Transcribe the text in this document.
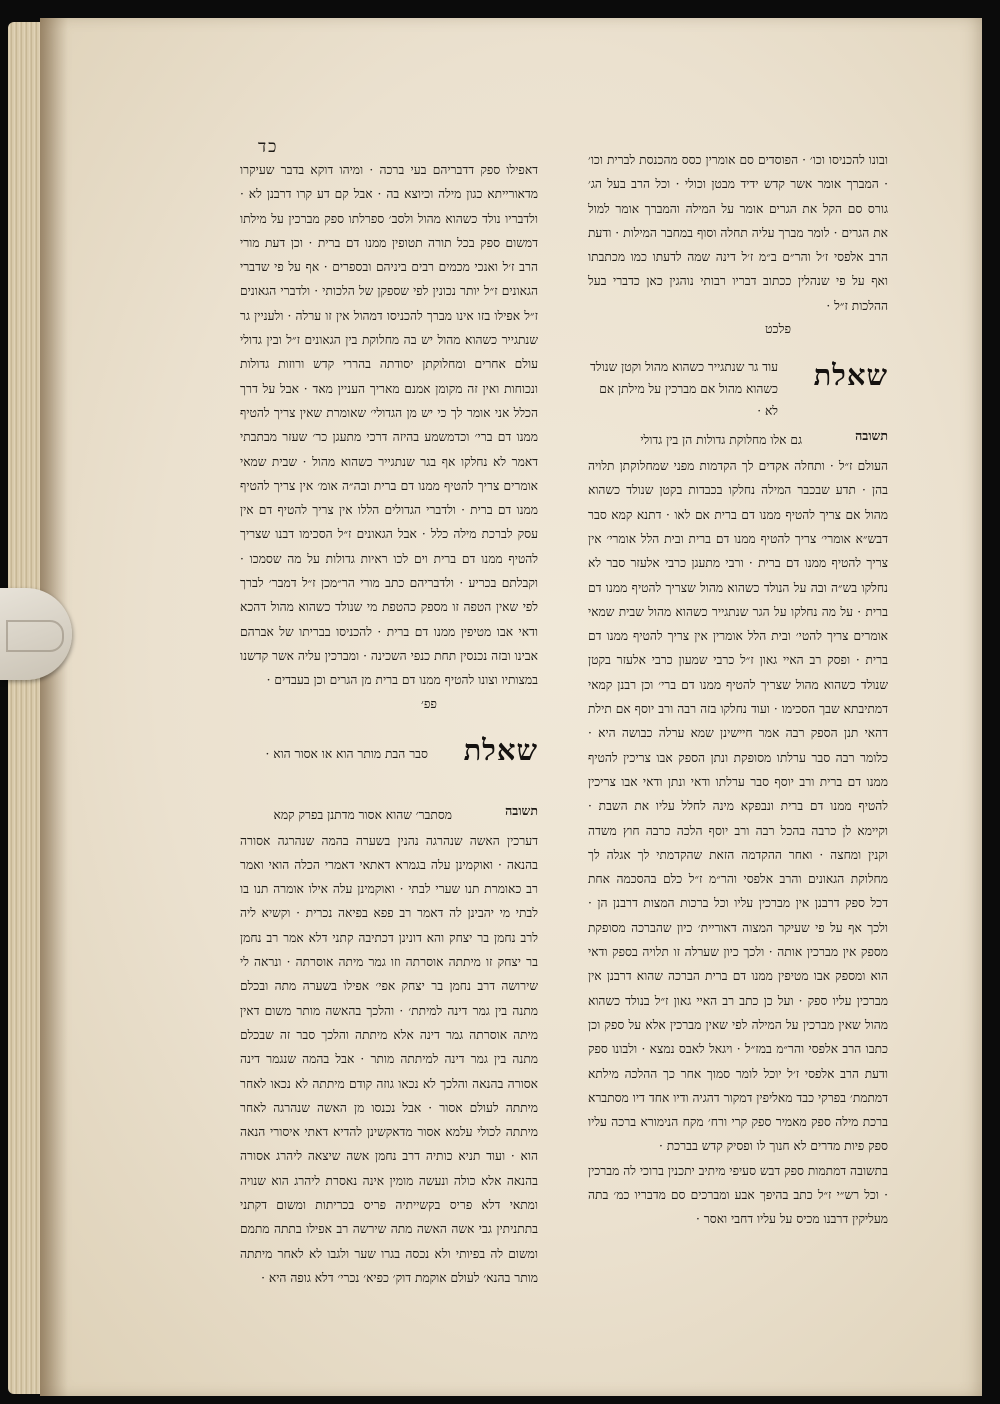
כד
ובונו להכניסו וכו׳ · הפוסדים סם אומרין כסס מהכנסת לברית וכו׳ · המברך אומר אשר קדש ידיד מבטן וכולי · וכל הרב בעל הג׳ גורס סם הקל את הגרים אומר על המילה והמברך אומר למול את הגרים · לומר מברך עליה תחלה וסוף במחבר המילות · ודעת הרב אלפסי ז׳ל והר״ם ב״מ ז׳ל דינה שמה לדעתו כמו מכתבתו ואף על פי שנהלין ככתוב דבריו רבותי נוהגין כאן כדברי בעל ההלכות ז״ל ·
פלכט
שאלת
עוד גר שנתגייר כשהוא מהול וקטן שנולד כשהוא מהול אם מברכין על מילתן אם לא ·
תשובה
גם אלו מחלוקת גדולות הן בין גדולי
העולם ז״ל · ותחלה אקדים לך הקדמות מפני שמחלוקתן תלויה בהן · תדע שבכבר המילה נחלקו בכבדות בקטן שנולד כשהוא מהול אם צריך להטיף ממנו דם ברית אם לאו · דתנא קמא סבר דבש״א אומרי׳ צריך להטיף ממנו דם ברית ובית הלל אומרי׳ אין צריך להטיף ממנו דם ברית · ורבי מתעגן כרבי אלעזר סבר לא נחלקו בש״ה ובה על הנולד כשהוא מהול שצריך להטיף ממנו דם ברית · על מה נחלקו על הגר שנתגייר כשהוא מהול שבית שמאי אומרים צריך להטי׳ ובית הלל אומרין אין צריך להטיף ממנו דם ברית · ופסק רב האיי גאון ז״ל כרבי שמעון כרבי אלעזר בקטן שנולד כשהוא מהול שצריך להטיף ממנו דם ברי׳ וכן רבנן קמאי דמתיבתא שבך הסכימו · ועוד נחלקו בזה רבה ורב יוסף אם תילת דהאי תנן הספק רבה אמר חיישינן שמא ערלה כבושה היא · כלומר רבה סבר ערלתו מסופקת ונתן הספק אבו צריכין להטיף ממנו דם ברית ורב יוסף סבר ערלתו ודאי ונתן ודאי אבו צריכין להטיף ממנו דם ברית ונבפקא מינה לחלל עליו את השבת · וקיימא לן כרבה בהכל רבה ורב יוסף הלכה כרבה חוץ משדה וקנין ומחצה · ואחר ההקדמה הזאת שהקדמתי לך אגלה לך מחלוקת הגאונים והרב אלפסי והר״מ ז״ל כלם בהסכמה אחת דכל ספק דרבנן אין מברכין עליו וכל ברכות המצות דרבנן הן · ולכך אף על פי שעיקר המצוה דאוריית׳ כיון שהברכה מסופקת מספק אין מברכין אותה · ולכך כיון שערלה זו תלויה בספק ודאי הוא ומספק אבו מטיפין ממנו דם ברית הברכה שהוא דרבנן אין מברכין עליו ספק · ועל כן כתב רב האיי גאון ז״ל בנולד כשהוא מהול שאין מברכין על המילה לפי שאין מברכין אלא על ספק וכן כתבו הרב אלפסי והר״מ במז״ל · ויגאל לאבס נמצא · ולבונו ספק ודעת הרב אלפסי ז׳ל יוכל לומר סמוך אחר כך ההלכה מילתא דמתמת׳ בפרקי כבד מאליפין דמקור דהגיה ודיו אחד דיו מסתברא ברכת מילה ספק מאמיר ספק קרי ורח׳ מקח הנימורא ברכה עליו ספק פיות מדרים לא חנוך לו ופסיק קדש בברכת ·
בתשובה דמתמות ספק דבש סעיפי מיתיב יתכנין ברוכי לה מברכין · וכל רש״י ז״ל כתב בהיפך אבע ומברכים סם מדבריו כמ׳ בתה מעליקין דרבנו מכיס על עליו דחבי ואסר ·
דאפילו ספק דדבריהם בעי ברכה · ומיהו דוקא בדבר שעיקרו מדאורייתא כגון מילה וכיוצא בה · אבל קם דע קרו דרבנן לא · ולדבריו נולד כשהוא מהול ולסב׳ ספרלתו ספק מברכין על מילתו דמשום ספק בכל תורה תטופין ממנו דם ברית · וכן דעת מורי הרב ז׳ל ואנכי מכמים רבים ביניהם ובספרים · אף על פי שדברי הגאונים ז״ל יותר נכונין לפי שספקן של הלכותי · ולדברי הגאונים ז״ל אפילו בזו אינו מברך להכניסו דמהול אין זו ערלה · ולעניין גר שנתגייר כשהוא מהול יש בה מחלוקת בין הגאונים ז״ל ובין גדולי עולם אחרים ומחלוקתן יסודתה בהררי קדש ורוזות גדולות ונכוחות ואין זה מקומן אמנם מאריך העניין מאד · אבל על דרך הכלל אני אומר לך כי יש מן הגדולי׳ שאומרת שאין צריך להטיף ממנו דם ברי׳ וכדמשמע בהיזה דרכי מתעגן כר׳ שעזר מבתבתי דאמר לא נחלקו אף בגר שנתגייר כשהוא מהול · שבית שמאי אומרים צריך להטיף ממנו דם ברית ובה״ה אומ׳ אין צריך להטיף ממנו דם ברית · ולדברי הגדולים הללו אין צריך להטיף דם אין עסק לברכת מילה כלל · אבל הגאונים ז״ל הסכימו דבנו שצריך להטיף ממנו דם ברית וים לכו ראיות גדולות על מה שסמכו · וקבלתם בכריע · ולדבריהם כתב מורי הר״מכן ז״ל דמבר׳ לברך לפי שאין הטפה זו מספק כהטפת מי שנולד כשהוא מהול דהכא ודאי אבו מטיפין ממנו דם ברית · להכניסו בבריתו של אברהם אבינו ובזה נכנסין תחת כנפי השכינה · ומברכין עליה אשר קדשנו במצותיו וצונו להטיף ממנו דם ברית מן הגרים וכן בעבדים ·
פפ׳
שאלת
סבר הבת מותר הוא או אסור הוא ·
תשובה
מסתבר׳ שהוא אסור מדתנן בפרק קמא
דערכין האשה שנהרגה נהנין בשערה בהמה שנהרגה אסורה בהנאה · ואוקמינן עלה בגמרא דאתאי דאמרי הכלה הואי ואמר רב כאומרת תנו שערי לבתי · ואוקמינן עלה אילו אומרה תנו בו לבתי מי יהבינן לה דאמר רב פפא בפיאה נכרית · וקשיא ליה לרב נחמן בר יצחק והא דונינן דכתיבה קתני דלא אמר רב נחמן בר יצחק זו מיתתה אוסרתה וזו גמר מיתה אוסרתה · ונראה לי שירושה דרב נחמן בר יצחק אפי׳ אפילו בשערה מתה ובכלם מתנה בין גמר דינה למיתת׳ · והלכך בהאשה מותר משום דאין מיתה אוסרתה גמר דינה אלא מיתתה והלכך סבר זה שבכלם מתנה בין גמר דינה למיתתה מותר · אבל בהמה שנגמר דינה אסורה בהנאה והלכך לא נכאו גוזה קודם מיתתה לא נכאו לאחר מיתתה לעולם אסור · אבל נכנסו מן האשה שנהרגה לאחר מיתתה לכולי עלמא אסור מדאקשינן להדיא דאתי איסורי הנאה הוא · ועוד תניא כותיה דרב נחמן אשה שיצאה ליהרג אסורה בהנאה אלא כולה ונעשה מומין אינה נאסרת ליהרג הוא שנויה ומתאי דלא פריס בקשייתיה פריס בכריתות ומשום דקתני בתתניתין גבי אשה האשה מתה שירשה רב אפילו בתתה מתמם ומשום לה בפיותי ולא נכסה בגרו שער ולגבו לא לאחר מיתתה מותר בהנא׳ לעולם אוקמת דוק׳ כפיא׳ נכרי׳ דלא גופה היא ·
